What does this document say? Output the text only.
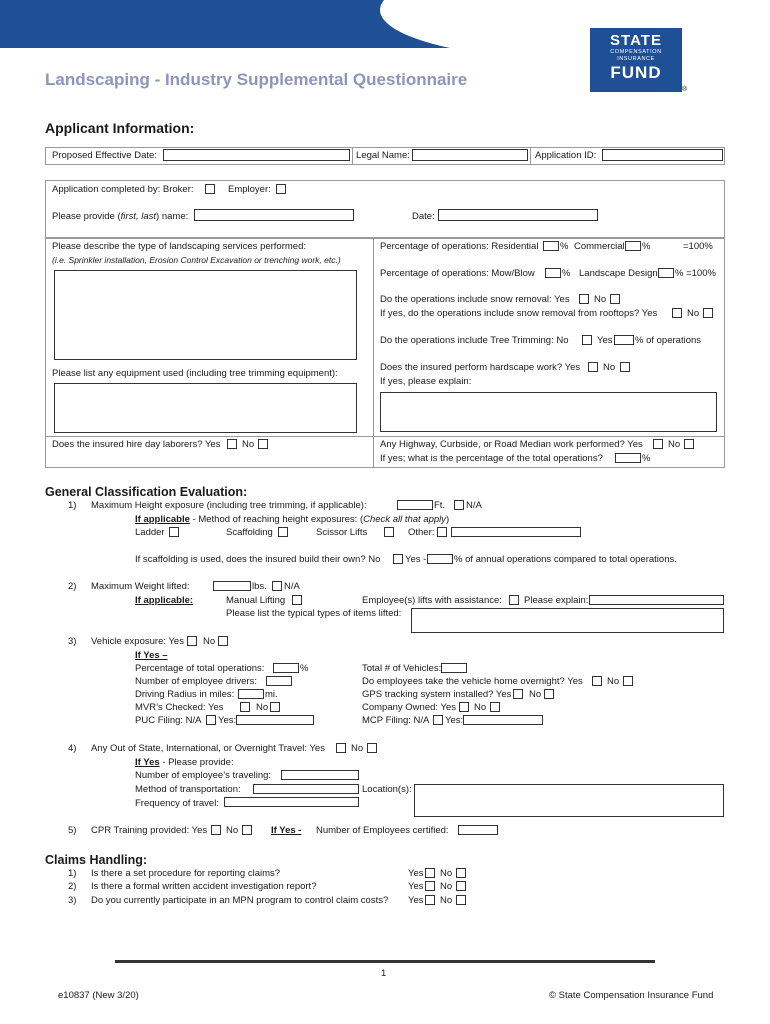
STATE
COMPENSATION
INSURANCE
FUND
®
Landscaping - Industry Supplemental Questionnaire
Applicant Information:
Proposed Effective Date:	Legal Name:	Application ID:
Application completed by: Broker:	Employer:
Please provide (first, last) name:	Date:
Please describe the type of landscaping services performed:
(i.e. Sprinkler installation, Erosion Control Excavation or trenching work, etc.)
Please list any equipment used (including tree trimming equipment):
Percentage of operations: Residential % Commercial %	=100%
Percentage of operations: Mow/Blow	% Landscape Design % =100%
Do the operations include snow removal: Yes	No
If yes, do the operations include snow removal from rooftops? Yes	No
Do the operations include Tree Trimming: No	Yes % of operations
Does the insured perform hardscape work? Yes No
If yes, please explain:
Does the insured hire day laborers? Yes No	Any Highway, Curbside, or Road Median work performed? Yes	No
If yes; what is the percentage of the total operations?	%
General Classification Evaluation:
1) Maximum Height exposure (including tree trimming, if applicable):	Ft. N/A
If applicable - Method of reaching height exposures: (Check all that apply)
Ladder	Scaffolding	Scissor Lifts	Other:
If scaffolding is used, does the insured build their own? No	Yes -	% of annual operations compared to total operations.
2) Maximum Weight lifted:	lbs. N/A
If applicable:	Manual Lifting	Employee(s) lifts with assistance: Please explain:
Please list the typical types of items lifted:
3) Vehicle exposure: Yes No
If Yes –
Percentage of total operations:	%
Number of employee drivers:
Driving Radius in miles:	mi.
MVR’s Checked: Yes	No
PUC Filing: N/A Yes:
Total # of Vehicles:
Do employees take the vehicle home overnight? Yes	No
GPS tracking system installed? Yes No
Company Owned: Yes No
MCP Filing: N/A Yes:
4) Any Out of State, International, or Overnight Travel: Yes	No
If Yes - Please provide:
Number of employee’s traveling:
Method of transportation:
Frequency of travel:
Location(s):
5) CPR Training provided: Yes No	If Yes - Number of Employees certified:
Claims Handling:
1) Is there a set procedure for reporting claims?	Yes No
2) Is there a formal written accident investigation report?	Yes No
3) Do you currently participate in an MPN program to control claim costs? Yes No
1
e10837 (New 3/20)	© State Compensation Insurance Fund
